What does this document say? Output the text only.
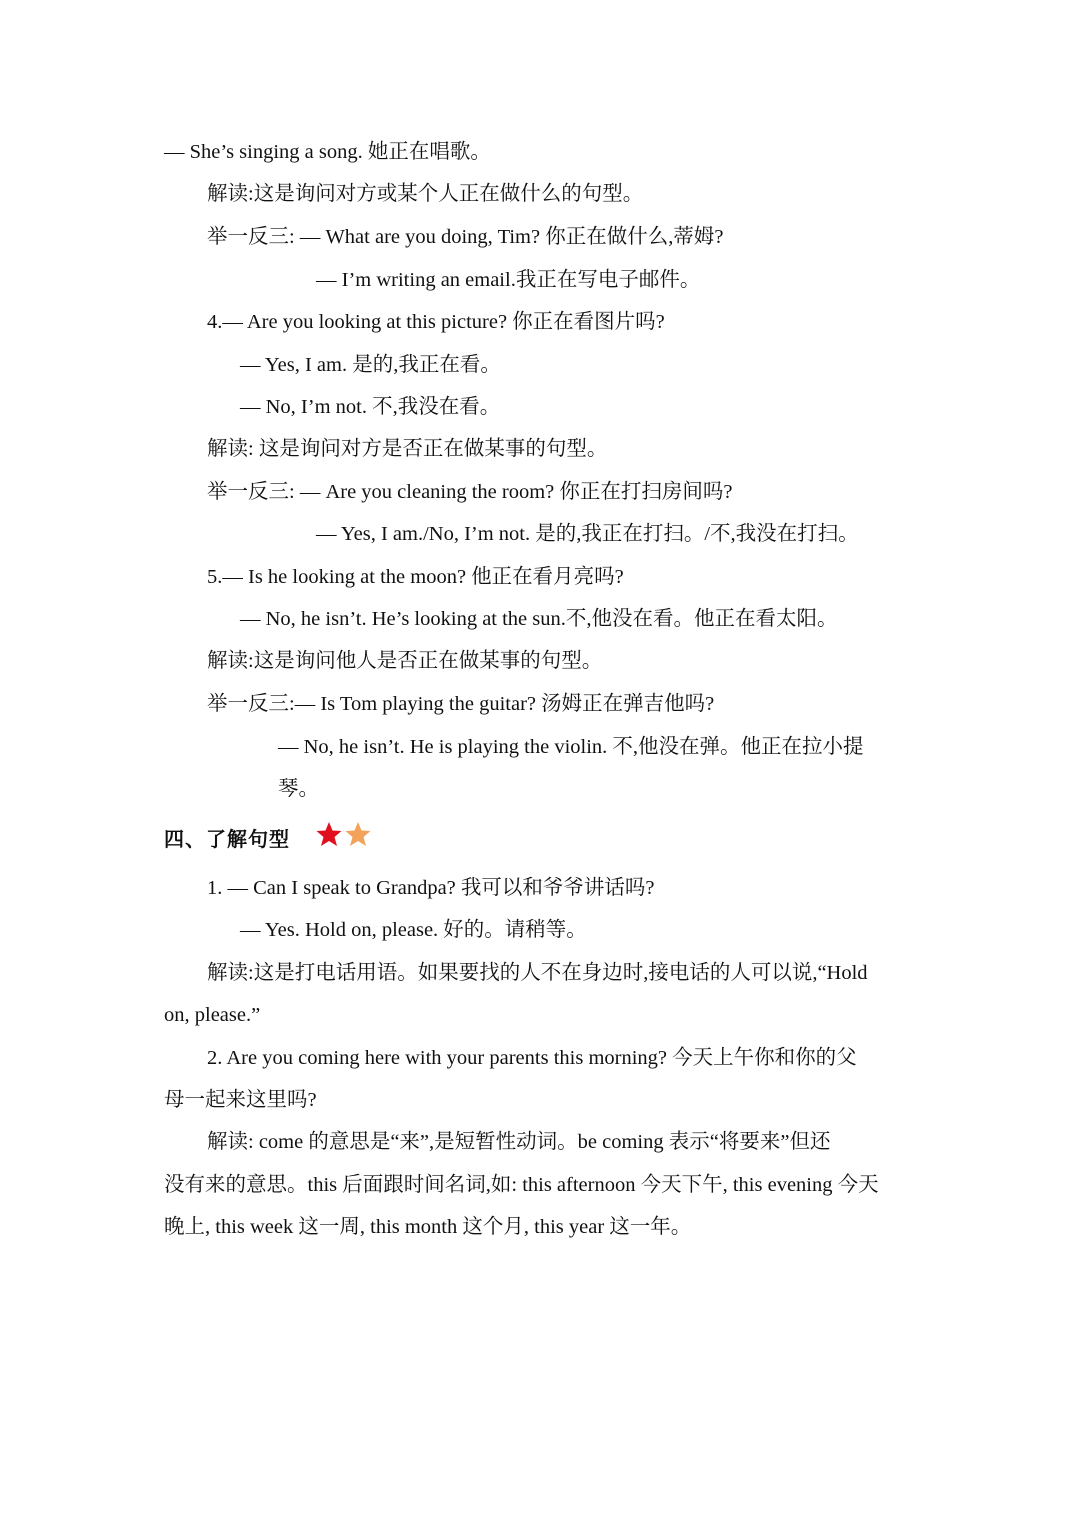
— She’s singing a song. 她正在唱歌。
解读:这是询问对方或某个人正在做什么的句型。
举一反三: — What are you doing, Tim? 你正在做什么,蒂姆?
— I’m writing an email.我正在写电子邮件。
4.— Are you looking at this picture? 你正在看图片吗?
— Yes, I am. 是的,我正在看。
— No, I’m not. 不,我没在看。
解读: 这是询问对方是否正在做某事的句型。
举一反三: — Are you cleaning the room? 你正在打扫房间吗?
— Yes, I am./No, I’m not. 是的,我正在打扫。/不,我没在打扫。
5.— Is he looking at the moon? 他正在看月亮吗?
— No, he isn’t. He’s looking at the sun.不,他没在看。他正在看太阳。
解读:这是询问他人是否正在做某事的句型。
举一反三:— Is Tom playing the guitar? 汤姆正在弹吉他吗?
— No, he isn’t. He is playing the violin. 不,他没在弹。他正在拉小提
琴。
四、了解句型
1. — Can I speak to Grandpa? 我可以和爷爷讲话吗?
— Yes. Hold on, please. 好的。请稍等。
解读:这是打电话用语。如果要找的人不在身边时,接电话的人可以说,“Hold
on, please.”
2. Are you coming here with your parents this morning? 今天上午你和你的父
母一起来这里吗?
解读: come 的意思是“来”,是短暂性动词。be coming 表示“将要来”但还
没有来的意思。this 后面跟时间名词,如: this afternoon 今天下午, this evening 今天
晚上, this week 这一周, this month 这个月, this year 这一年。
